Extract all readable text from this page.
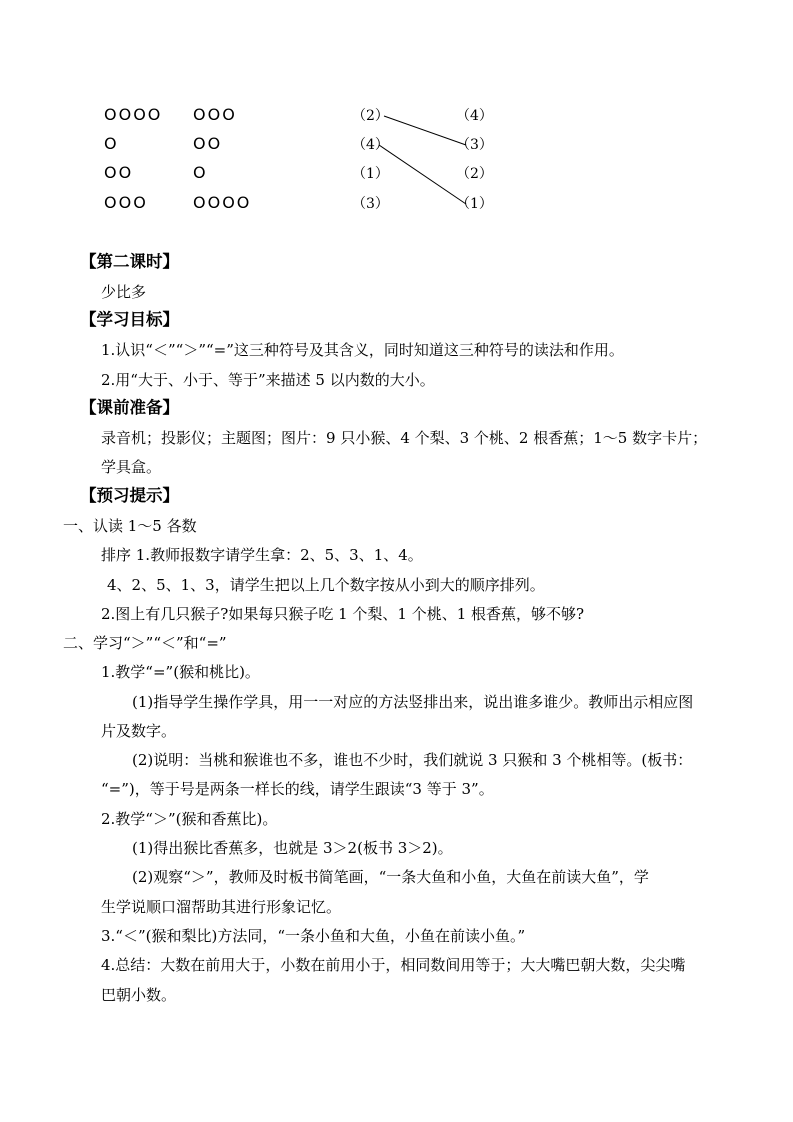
OOOO
O
OO
OOO
OOO
OO
O
OOOO
（2）
（4）
（1）
（3）
（4）
（3）
（2）
（1）
【第二课时】
少比多
【学习目标】
1.认识“＜”“＞”“=”这三种符号及其含义，同时知道这三种符号的读法和作用。
2.用“大于、小于、等于”来描述 5 以内数的大小。
【课前准备】
录音机；投影仪；主题图；图片：9 只小猴、4 个梨、3 个桃、2 根香蕉；1～5 数字卡片；
学具盒。
【预习提示】
一、认读 1～5 各数
排序 1.教师报数字请学生拿：2、5、3、1、4。
4、2、5、1、3，请学生把以上几个数字按从小到大的顺序排列。
2.图上有几只猴子?如果每只猴子吃 1 个梨、1 个桃、1 根香蕉，够不够?
二、学习“＞”“＜”和“=”
1.教学“=”(猴和桃比)。
(1)指导学生操作学具，用一一对应的方法竖排出来，说出谁多谁少。教师出示相应图
片及数字。
(2)说明：当桃和猴谁也不多，谁也不少时，我们就说 3 只猴和 3 个桃相等。(板书：
“=”)，等于号是两条一样长的线，请学生跟读“3 等于 3”。
2.教学“＞”(猴和香蕉比)。
(1)得出猴比香蕉多，也就是 3＞2(板书 3＞2)。
(2)观察“＞”，教师及时板书简笔画，“一条大鱼和小鱼，大鱼在前读大鱼”，学
生学说顺口溜帮助其进行形象记忆。
3.“＜”(猴和梨比)方法同，“一条小鱼和大鱼，小鱼在前读小鱼。”
4.总结：大数在前用大于，小数在前用小于，相同数间用等于；大大嘴巴朝大数，尖尖嘴
巴朝小数。
